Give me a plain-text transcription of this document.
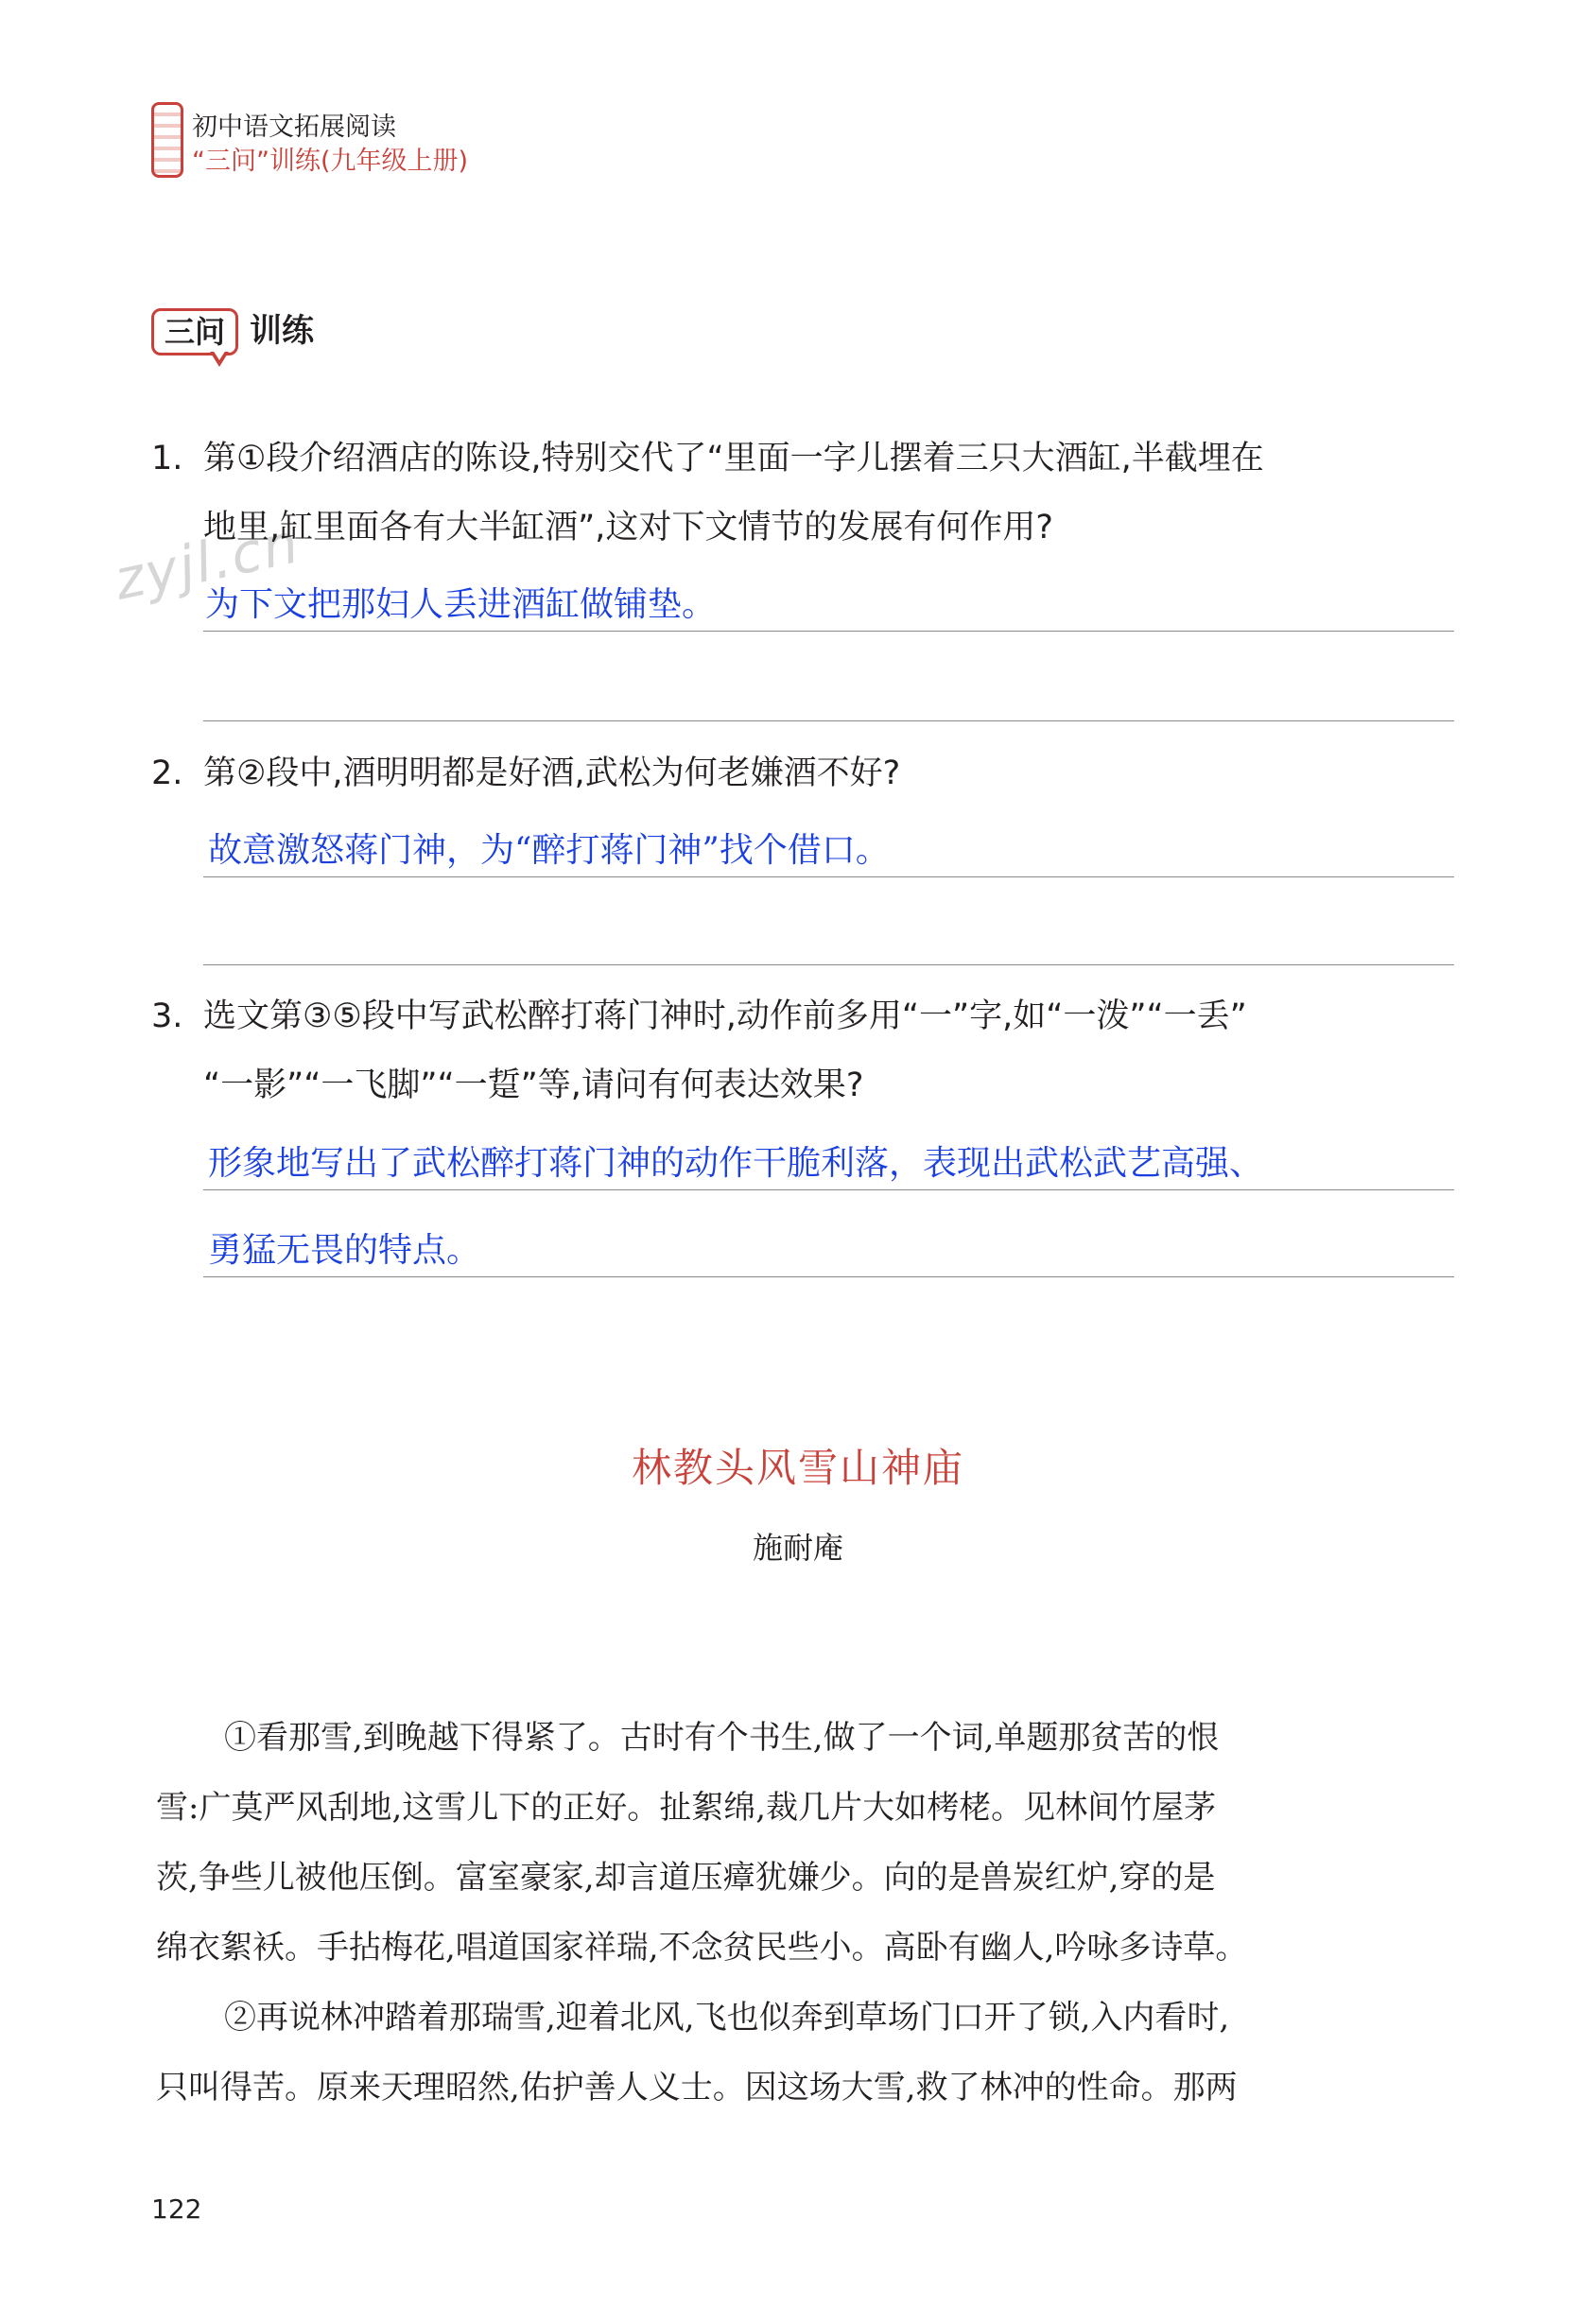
初中语文拓展阅读
“三问”训练(九年级上册)
zyjl.cn
三问 训练
1. 第①段介绍酒店的陈设,特别交代了“里面一字儿摆着三只大酒缸,半截埋在
地里,缸里面各有大半缸酒”,这对下文情节的发展有何作用?
为下文把那妇人丢进酒缸做铺垫。
2. 第②段中,酒明明都是好酒,武松为何老嫌酒不好?
故意激怒蒋门神，为“醉打蒋门神”找个借口。
3. 选文第③⑤段中写武松醉打蒋门神时,动作前多用“一”字,如“一泼”“一丢”
“一影”“一飞脚”“一踅”等,请问有何表达效果?
形象地写出了武松醉打蒋门神的动作干脆利落，表现出武松武艺高强、
勇猛无畏的特点。
林教头风雪山神庙
施耐庵
①看那雪,到晚越下得紧了。古时有个书生,做了一个词,单题那贫苦的恨
雪:广莫严风刮地,这雪儿下的正好。扯絮绵,裁几片大如栲栳。见林间竹屋茅
茨,争些儿被他压倒。富室豪家,却言道压瘴犹嫌少。向的是兽炭红炉,穿的是
绵衣絮袄。手拈梅花,唱道国家祥瑞,不念贫民些小。高卧有幽人,吟咏多诗草。
②再说林冲踏着那瑞雪,迎着北风,飞也似奔到草场门口开了锁,入内看时,
只叫得苦。原来天理昭然,佑护善人义士。因这场大雪,救了林冲的性命。那两
122
